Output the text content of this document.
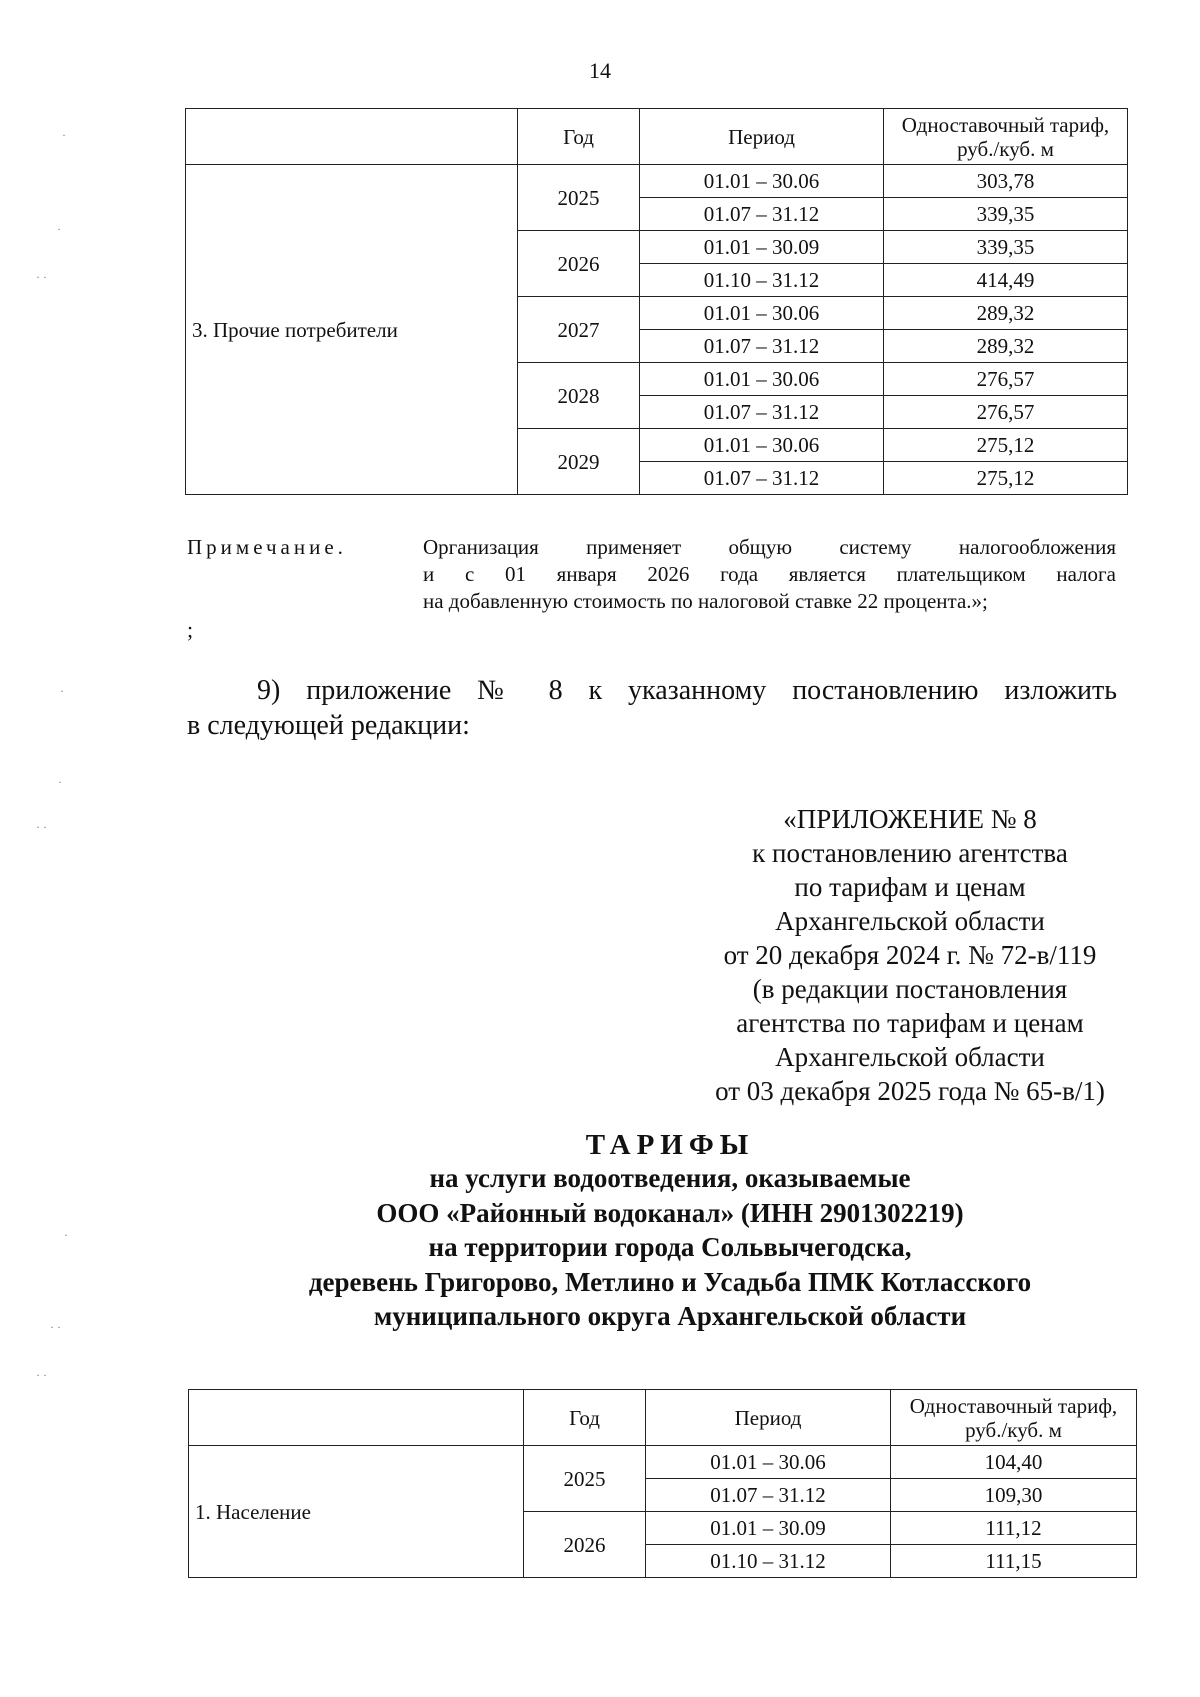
14
	Год	Период	Одноставочный тариф, руб./куб. м
3. Прочие потребители	2025	01.01 – 30.06	303,78
		01.07 – 31.12	339,35
	2026	01.01 – 30.09	339,35
		01.10 – 31.12	414,49
	2027	01.01 – 30.06	289,32
		01.07 – 31.12	289,32
	2028	01.01 – 30.06	276,57
		01.07 – 31.12	276,57
	2029	01.01 – 30.06	275,12
		01.07 – 31.12	275,12
Примечание.	Организация применяет общую систему налогообложения
и с 01 января 2026 года является плательщиком налога
на добавленную стоимость по налоговой ставке 22 процента.»;
;
9) приложение № 8 к указанному постановлению изложить
в следующей редакции:
«ПРИЛОЖЕНИЕ № 8
к постановлению агентства
по тарифам и ценам
Архангельской области
от 20 декабря 2024 г. № 72-в/119
(в редакции постановления
агентства по тарифам и ценам
Архангельской области
от 03 декабря 2025 года № 65-в/1)
ТАРИФЫ
на услуги водоотведения, оказываемые
ООО «Районный водоканал» (ИНН 2901302219)
на территории города Сольвычегодска,
деревень Григорово, Метлино и Усадьба ПМК Котласского
муниципального округа Архангельской области
	Год	Период	Одноставочный тариф, руб./куб. м
1. Население	2025	01.01 – 30.06	104,40
		01.07 – 31.12	109,30
	2026	01.01 – 30.09	111,12
		01.10 – 31.12	111,15
·
·
· ·
·
·
· ·
·
· ·
· ·
